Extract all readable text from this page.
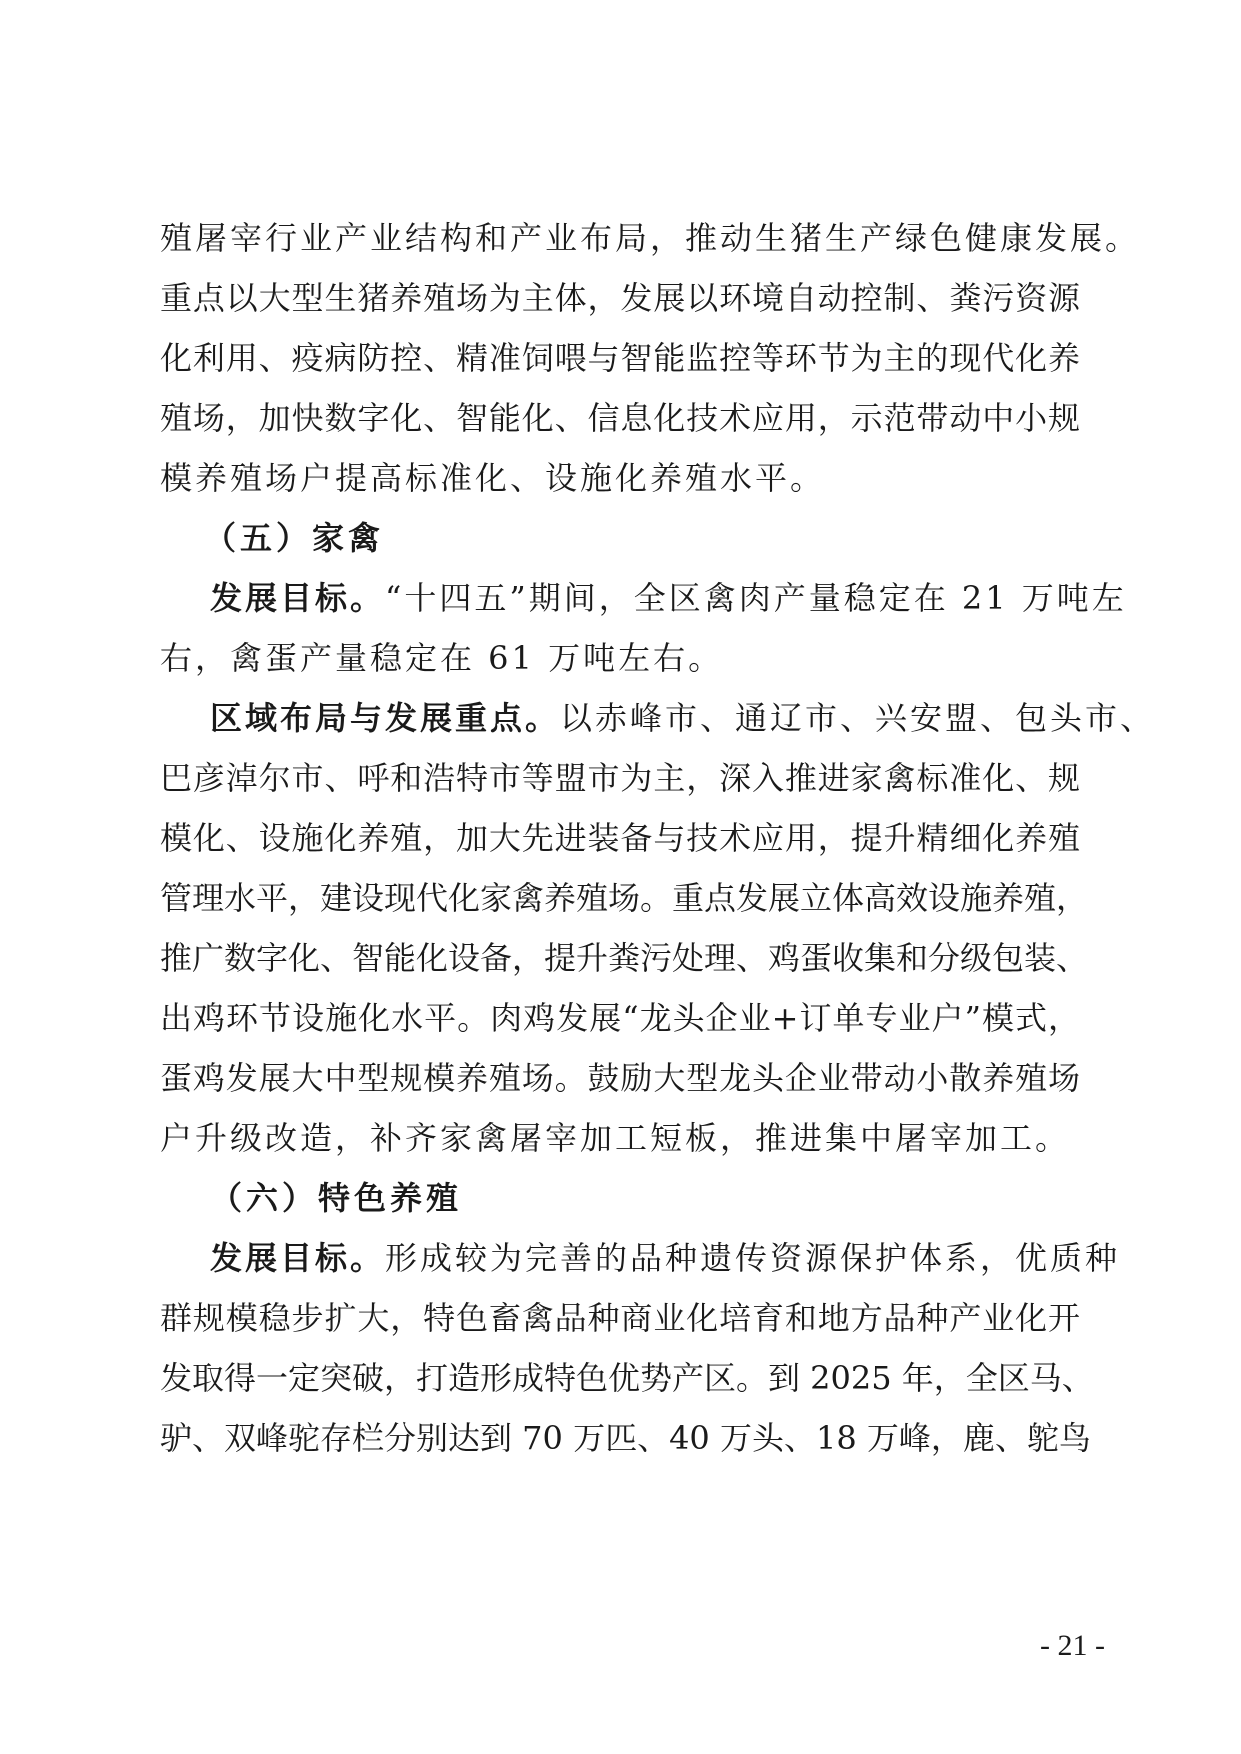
殖屠宰行业产业结构和产业布局，推动生猪生产绿色健康发展。
重点以大型生猪养殖场为主体，发展以环境自动控制、粪污资源
化利用、疫病防控、精准饲喂与智能监控等环节为主的现代化养
殖场，加快数字化、智能化、信息化技术应用，示范带动中小规
模养殖场户提高标准化、设施化养殖水平。
（五）家禽
发展目标。“十四五”期间，全区禽肉产量稳定在 21 万吨左
右，禽蛋产量稳定在 61 万吨左右。
区域布局与发展重点。以赤峰市、通辽市、兴安盟、包头市、
巴彦淖尔市、呼和浩特市等盟市为主，深入推进家禽标准化、规
模化、设施化养殖，加大先进装备与技术应用，提升精细化养殖
管理水平，建设现代化家禽养殖场。重点发展立体高效设施养殖，
推广数字化、智能化设备，提升粪污处理、鸡蛋收集和分级包装、
出鸡环节设施化水平。肉鸡发展“龙头企业+订单专业户”模式，
蛋鸡发展大中型规模养殖场。鼓励大型龙头企业带动小散养殖场
户升级改造，补齐家禽屠宰加工短板，推进集中屠宰加工。
（六）特色养殖
发展目标。形成较为完善的品种遗传资源保护体系，优质种
群规模稳步扩大，特色畜禽品种商业化培育和地方品种产业化开
发取得一定突破，打造形成特色优势产区。到 2025 年，全区马、
驴、双峰驼存栏分别达到 70 万匹、40 万头、18 万峰，鹿、鸵鸟
- 21 -
